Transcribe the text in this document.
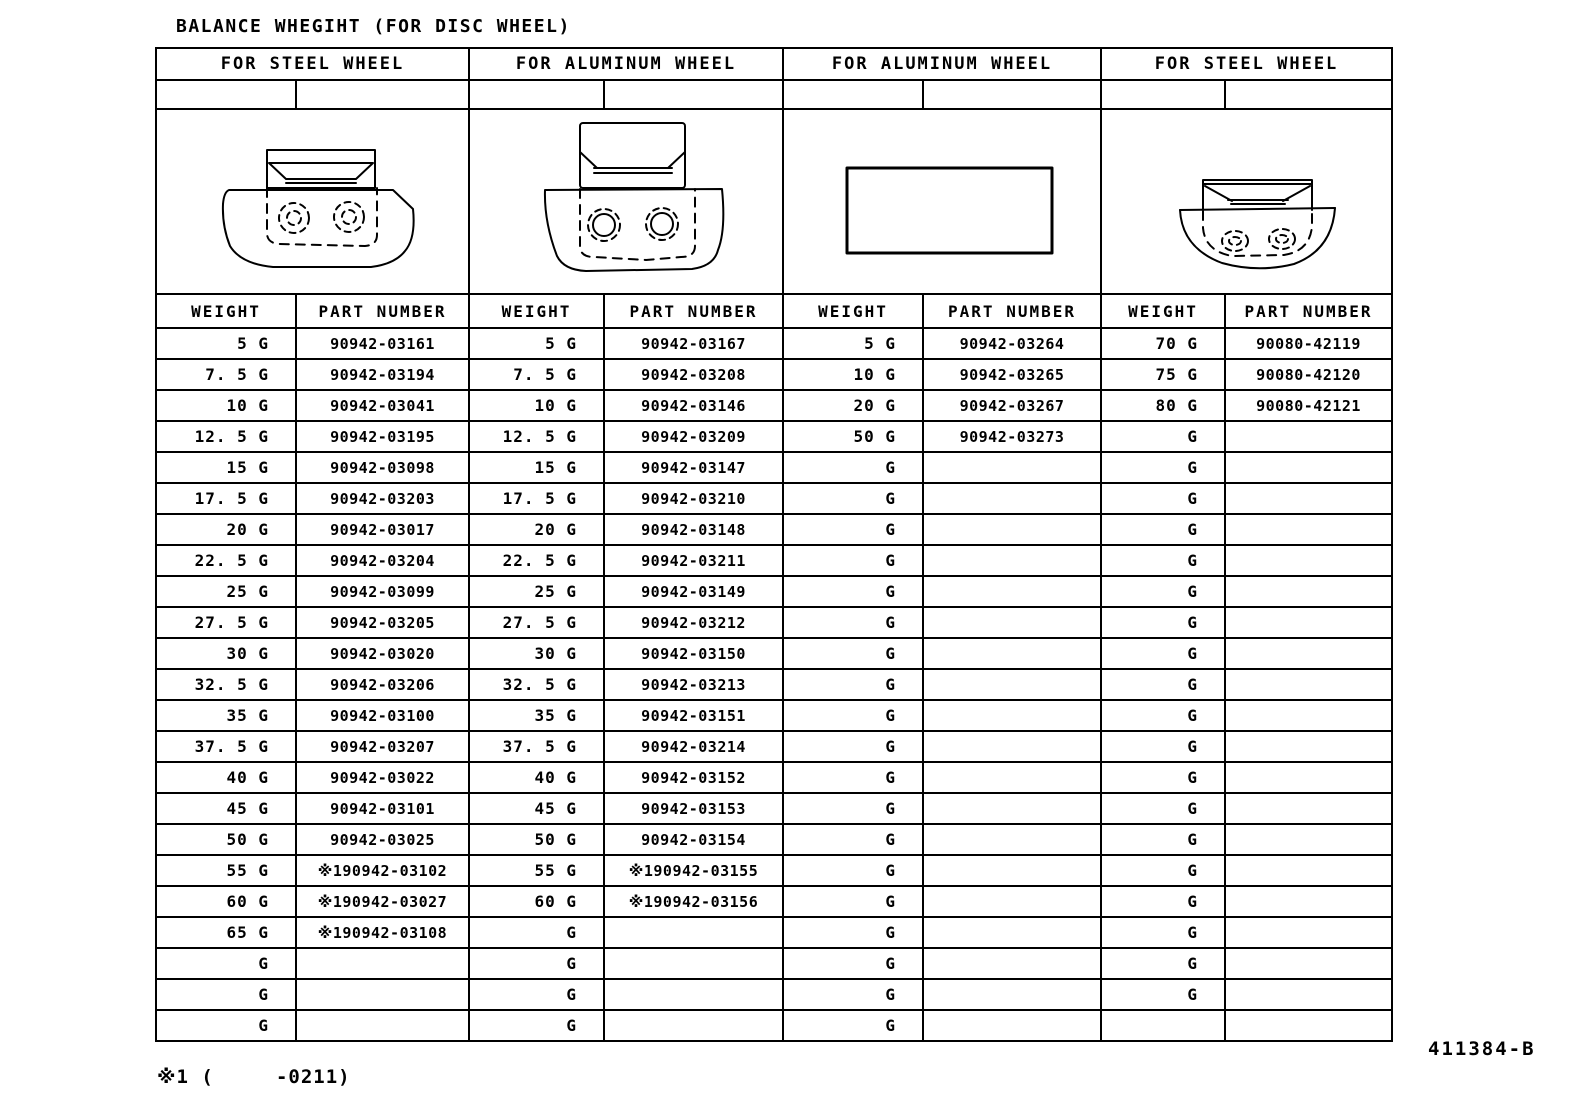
BALANCE WHEGIHT (FOR DISC WHEEL)
FOR STEEL WHEEL		FOR ALUMINUM WHEEL		FOR ALUMINUM WHEEL		FOR STEEL WHEEL	

WEIGHT	PART NUMBER	WEIGHT	PART NUMBER	WEIGHT	PART NUMBER	WEIGHT	PART NUMBER
5 G	90942-03161	5 G	90942-03167	5 G	90942-03264	70 G	90080-42119
7. 5 G	90942-03194	7. 5 G	90942-03208	10 G	90942-03265	75 G	90080-42120
10 G	90942-03041	10 G	90942-03146	20 G	90942-03267	80 G	90080-42121
12. 5 G	90942-03195	12. 5 G	90942-03209	50 G	90942-03273	G	
15 G	90942-03098	15 G	90942-03147	G		G	
17. 5 G	90942-03203	17. 5 G	90942-03210	G		G	
20 G	90942-03017	20 G	90942-03148	G		G	
22. 5 G	90942-03204	22. 5 G	90942-03211	G		G	
25 G	90942-03099	25 G	90942-03149	G		G	
27. 5 G	90942-03205	27. 5 G	90942-03212	G		G	
30 G	90942-03020	30 G	90942-03150	G		G	
32. 5 G	90942-03206	32. 5 G	90942-03213	G		G	
35 G	90942-03100	35 G	90942-03151	G		G	
37. 5 G	90942-03207	37. 5 G	90942-03214	G		G	
40 G	90942-03022	40 G	90942-03152	G		G	
45 G	90942-03101	45 G	90942-03153	G		G	
50 G	90942-03025	50 G	90942-03154	G		G	
55 G	※190942-03102	55 G	※190942-03155	G		G	
60 G	※190942-03027	60 G	※190942-03156	G		G	
65 G	※190942-03108	G		G		G	
G		G		G		G	
G		G		G		G	
G		G		G			
※1 (     -0211)
411384-B
